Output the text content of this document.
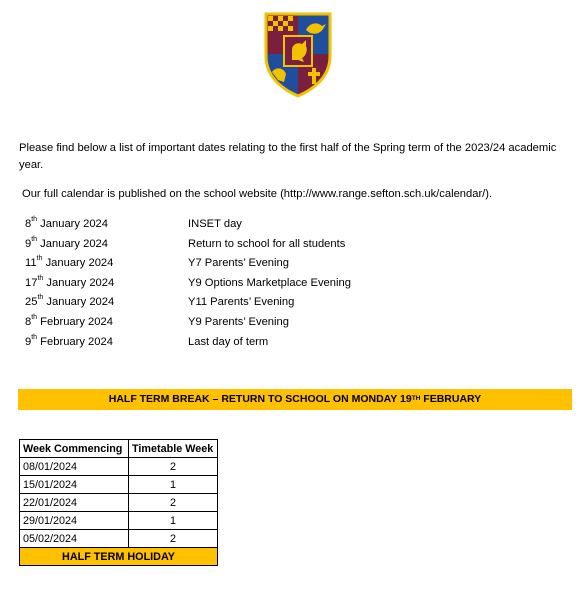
Please find below a list of important dates relating to the first half of the Spring term of the 2023/24 academic year.
Our full calendar is published on the school website (http://www.range.sefton.sch.uk/calendar/).
8th January 2024	INSET day
9th January 2024	Return to school for all students
11th January 2024	Y7 Parents’ Evening
17th January 2024	Y9 Options Marketplace Evening
25th January 2024	Y11 Parents’ Evening
8th February 2024	Y9 Parents’ Evening
9th February 2024	Last day of term
HALF TERM BREAK – RETURN TO SCHOOL ON MONDAY 19TH FEBRUARY
Week Commencing	Timetable Week
08/01/2024	2
15/01/2024	1
22/01/2024	2
29/01/2024	1
05/02/2024	2
HALF TERM HOLIDAY	
